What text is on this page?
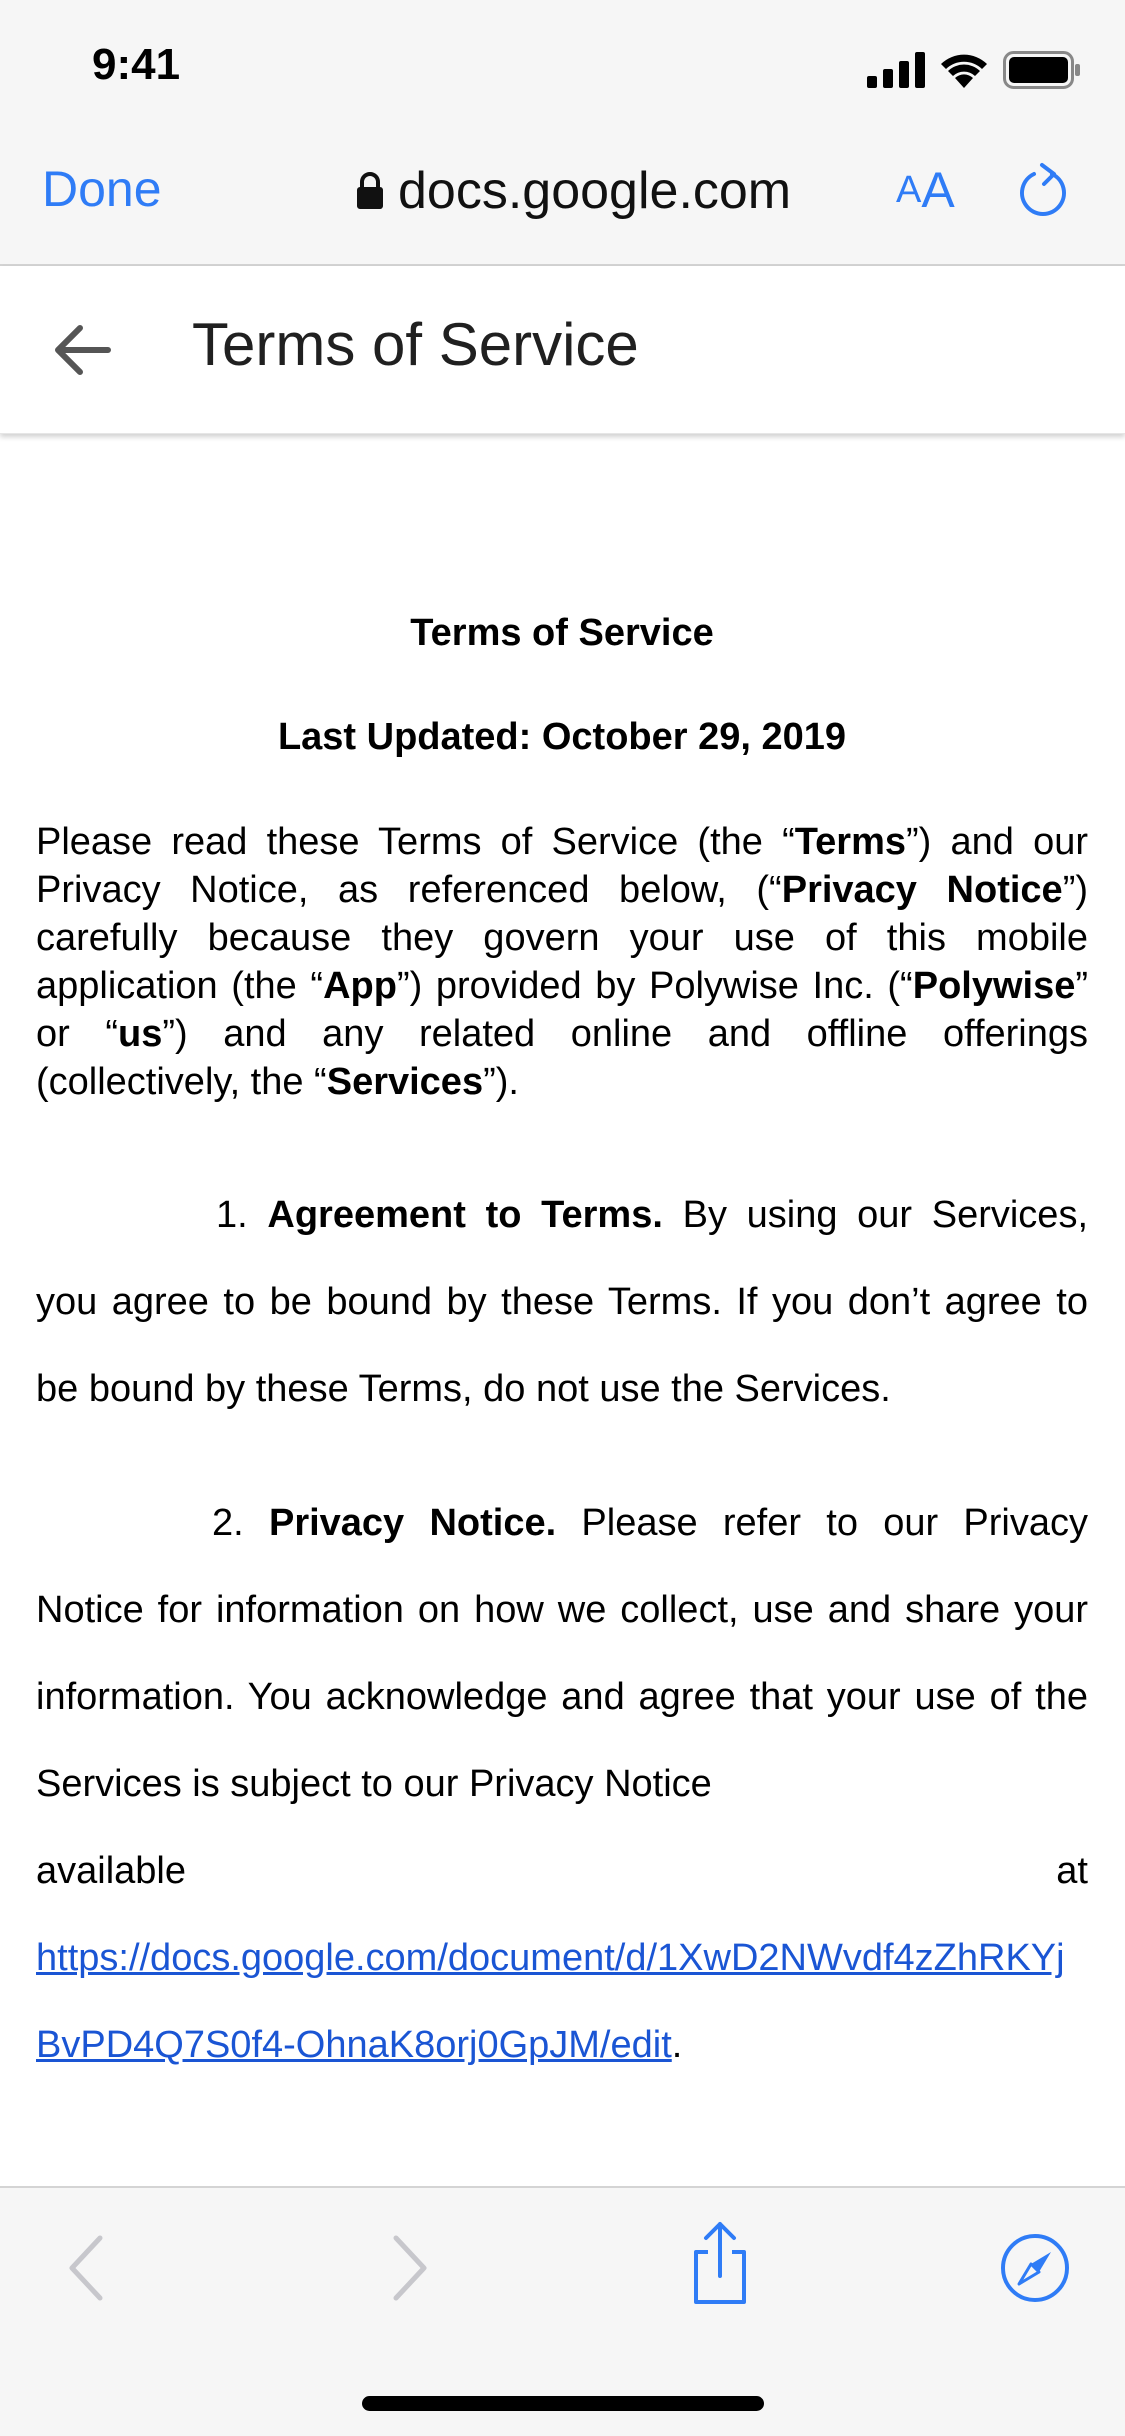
9:41
Done	docs.google.com	A A
Terms of Service
Terms of Service
Last Updated: October 29, 2019

Please read these Terms of Service (the “Terms”) and our Privacy Notice, as referenced below, (“Privacy Notice”) carefully because they govern your use of this mobile application (the “App”) provided by Polywise Inc. (“Polywise” or “us”) and any related online and offline offerings (collectively, the “Services”).

1. Agreement to Terms. By using our Services, you agree to be bound by these Terms. If you don’t agree to be bound by these Terms, do not use the Services.

2. Privacy Notice. Please refer to our Privacy Notice for information on how we collect, use and share your information. You acknowledge and agree that your use of the Services is subject to our Privacy Notice

available	at

https://docs.google.com/document/d/1XwD2NWvdf4zZhRKYjBvPD4Q7S0f4-OhnaK8orj0GpJM/edit.
